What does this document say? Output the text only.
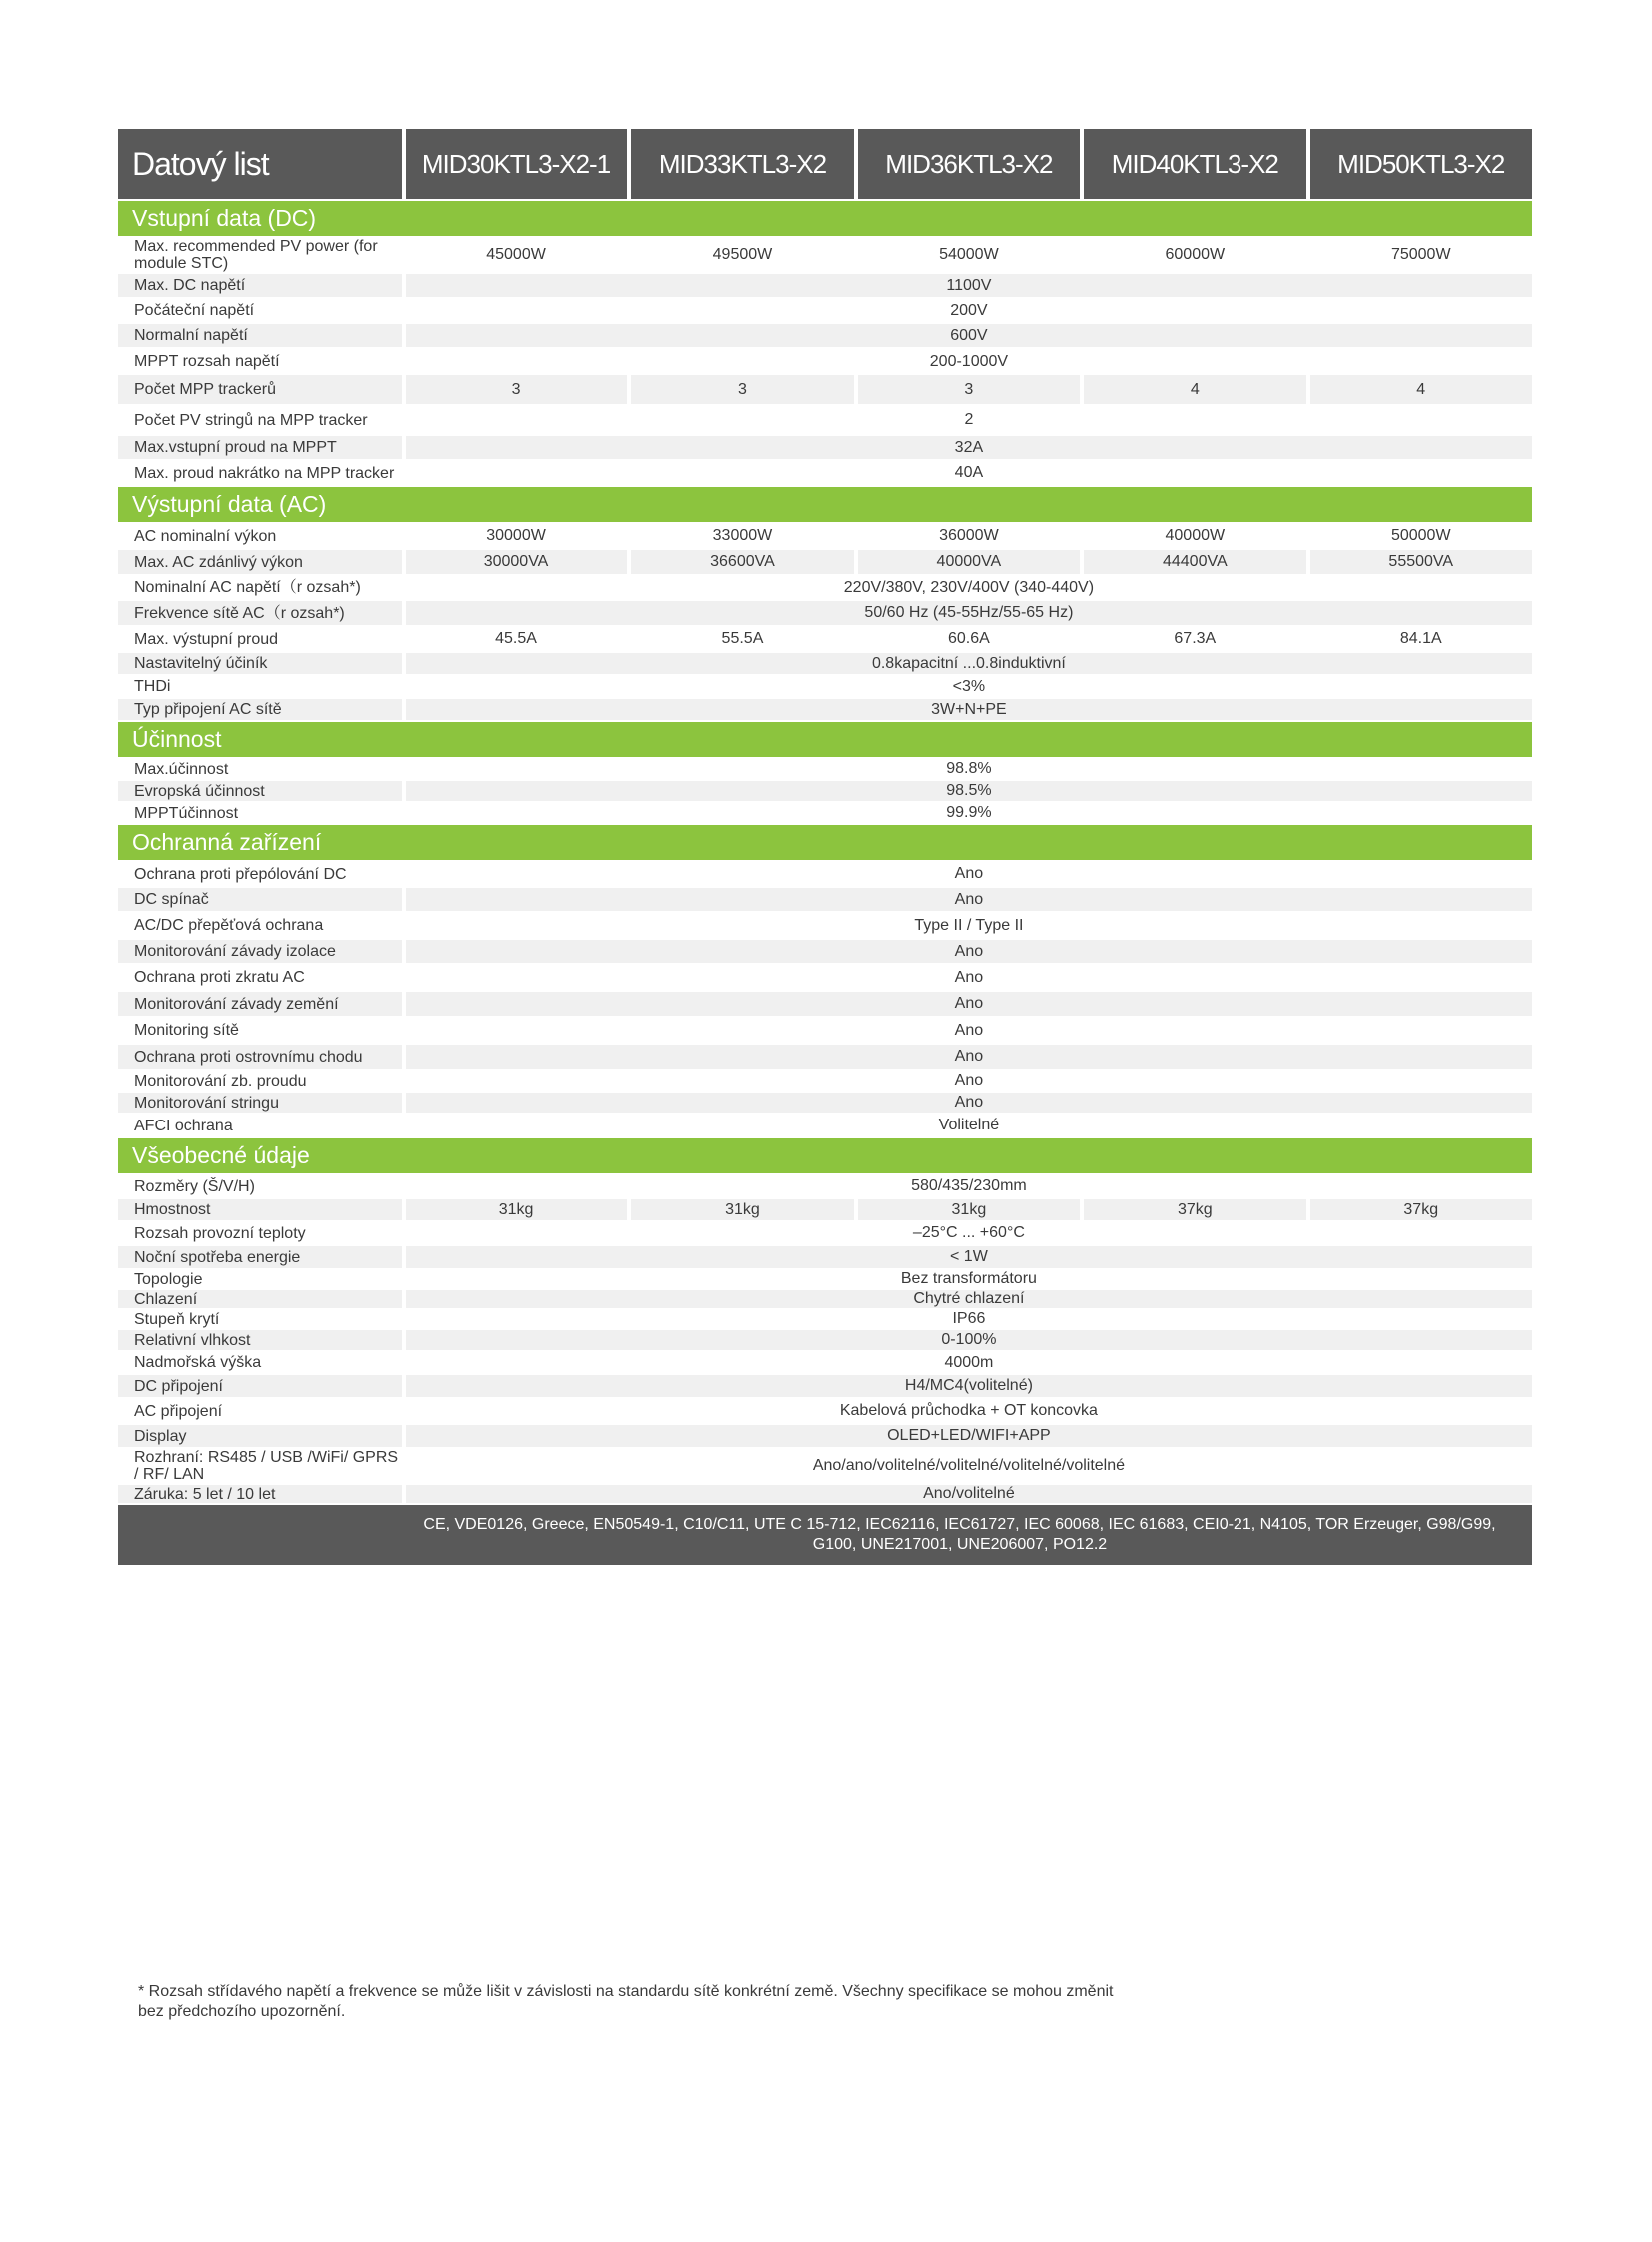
Datový list	MID30KTL3-X2-1	MID33KTL3-X2	MID36KTL3-X2	MID40KTL3-X2	MID50KTL3-X2
Vstupní data (DC)					
Max. recommended PV power (for module STC)	45000W	49500W	54000W	60000W	75000W
Max. DC napětí	1100V				
Počáteční napětí	200V				
Normalní napětí	600V				
MPPT rozsah napětí	200-1000V				
Počet MPP trackerů	3	3	3	4	4
Počet PV stringů na MPP tracker	2				
Max.vstupní proud na MPPT	32A				
Max. proud nakrátko na MPP tracker	40A				
Výstupní data (AC)					
AC nominalní výkon	30000W	33000W	36000W	40000W	50000W
Max. AC zdánlivý výkon	30000VA	36600VA	40000VA	44400VA	55500VA
Nominalní AC napětí（r ozsah*)	220V/380V, 230V/400V (340-440V)				
Frekvence sítě AC（r ozsah*)	50/60 Hz (45-55Hz/55-65 Hz)				
Max. výstupní proud	45.5A	55.5A	60.6A	67.3A	84.1A
Nastavitelný účiník	0.8kapacitní ...0.8induktivní				
THDi	<3%				
Typ připojení AC sítě	3W+N+PE				
Účinnost					
Max.účinnost	98.8%				
Evropská účinnost	98.5%				
MPPTúčinnost	99.9%				
Ochranná zařízení					
Ochrana proti přepólování DC	Ano				
DC spínač	Ano				
AC/DC přepěťová ochrana	Type II / Type II				
Monitorování závady izolace	Ano				
Ochrana proti zkratu AC	Ano				
Monitorování závady zemění	Ano				
Monitoring sítě	Ano				
Ochrana proti ostrovnímu chodu	Ano				
Monitorování zb. proudu	Ano				
Monitorování stringu	Ano				
AFCI ochrana	Volitelné				
Všeobecné údaje					
Rozměry (Š/V/H)	580/435/230mm				
Hmostnost	31kg	31kg	31kg	37kg	37kg
Rozsah provozní teploty	–25°C ... +60°C				
Noční spotřeba energie	< 1W				
Topologie	Bez transformátoru				
Chlazení	Chytré chlazení				
Stupeň krytí	IP66				
Relativní vlhkost	0-100%				
Nadmořská výška	4000m				
DC připojení	H4/MC4(volitelné)				
AC připojení	Kabelová průchodka + OT koncovka				
Display	OLED+LED/WIFI+APP				
Rozhraní: RS485 / USB /WiFi/ GPRS / RF/ LAN	Ano/ano/volitelné/volitelné/volitelné/volitelné				
Záruka: 5 let / 10 let	Ano/volitelné				
CE, VDE0126, Greece, EN50549-1, C10/C11, UTE C 15-712, IEC62116, IEC61727, IEC 60068, IEC 61683, CEI0-21, N4105, TOR Erzeuger, G98/G99, G100, UNE217001, UNE206007, PO12.2					
* Rozsah střídavého napětí a frekvence se může lišit v závislosti na standardu sítě konkrétní země. Všechny specifikace se mohou změnit bez předchozího upozornění.
